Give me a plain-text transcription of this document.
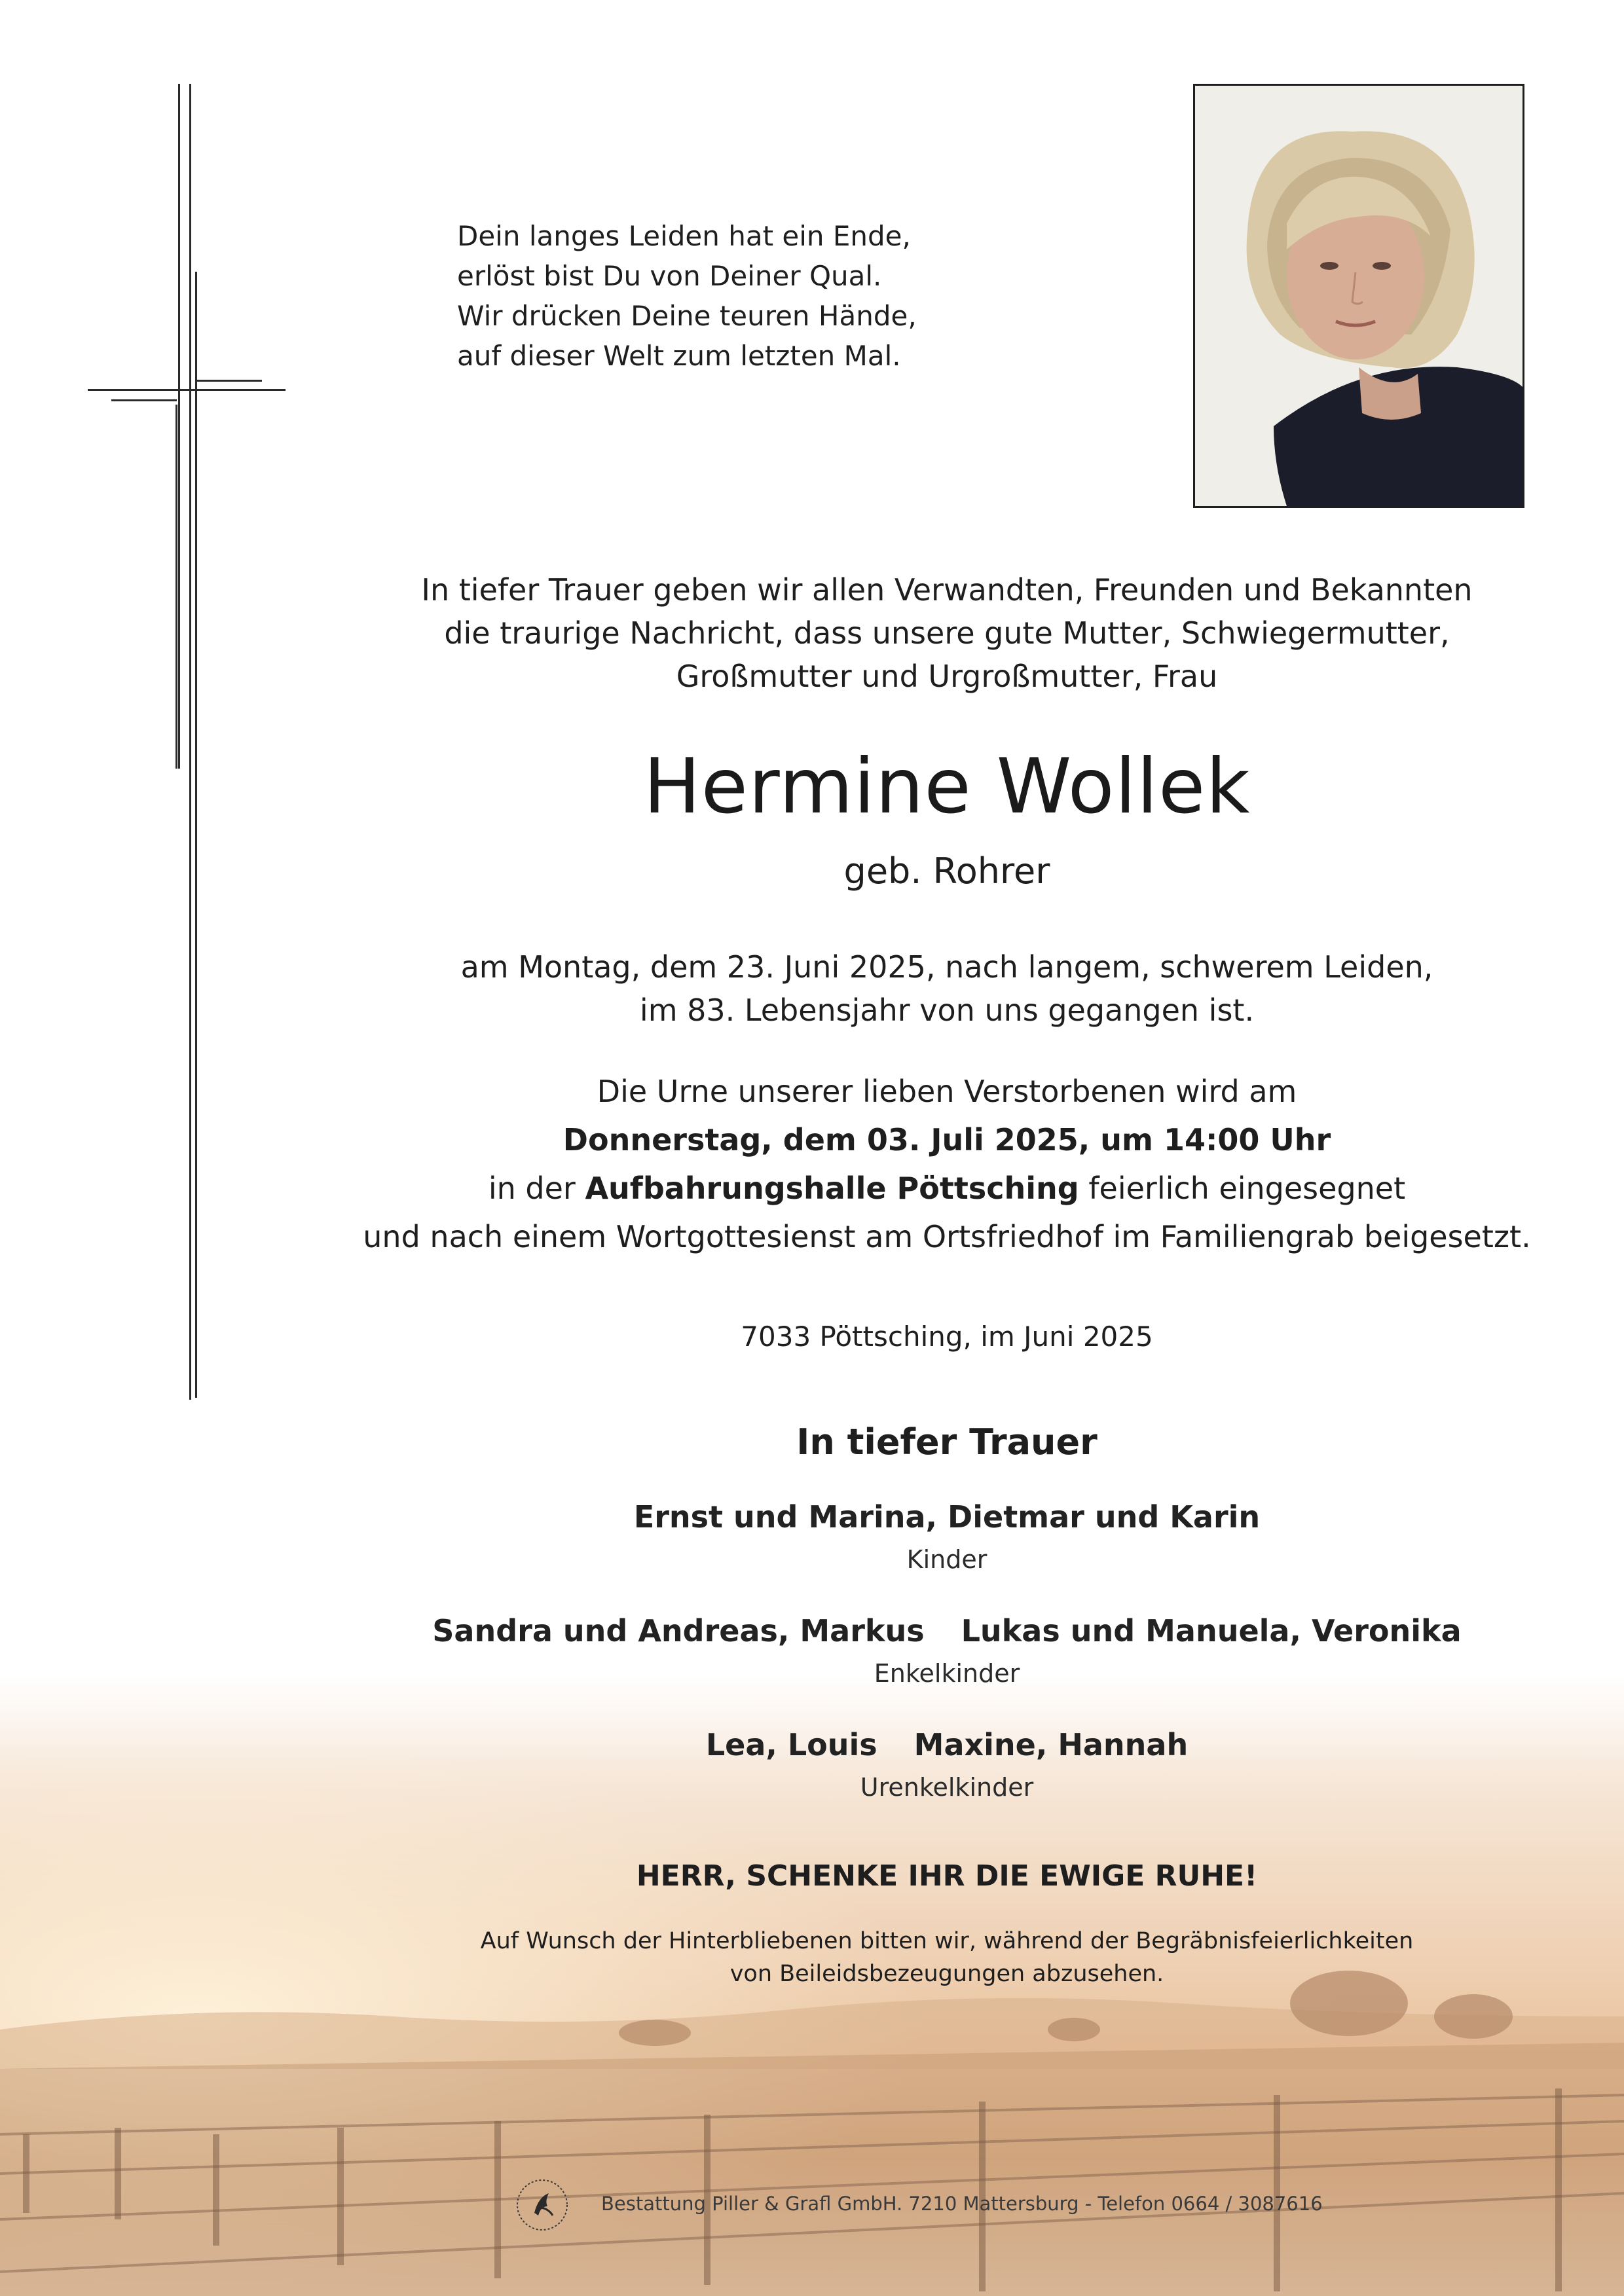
Dein langes Leiden hat ein Ende,
erlöst bist Du von Deiner Qual.
Wir drücken Deine teuren Hände,
auf dieser Welt zum letzten Mal.
In tiefer Trauer geben wir allen Verwandten, Freunden und Bekannten
die traurige Nachricht, dass unsere gute Mutter, Schwiegermutter,
Großmutter und Urgroßmutter, Frau
Hermine Wollek
geb. Rohrer
am Montag, dem 23. Juni 2025, nach langem, schwerem Leiden,
im 83. Lebensjahr von uns gegangen ist.
Die Urne unserer lieben Verstorbenen wird am
Donnerstag, dem 03. Juli 2025, um 14:00 Uhr
in der Aufbahrungshalle Pöttsching feierlich eingesegnet
und nach einem Wortgottesienst am Ortsfriedhof im Familiengrab beigesetzt.
7033 Pöttsching, im Juni 2025
In tiefer Trauer
Ernst und Marina, Dietmar und Karin
Kinder
Sandra und Andreas, Markus Lukas und Manuela, Veronika
Enkelkinder
Lea, Louis Maxine, Hannah
Urenkelkinder
HERR, SCHENKE IHR DIE EWIGE RUHE!
Auf Wunsch der Hinterbliebenen bitten wir, während der Begräbnisfeierlichkeiten
von Beileidsbezeugungen abzusehen.
Bestattung Piller & Grafl GmbH. 7210 Mattersburg - Telefon 0664 / 3087616
